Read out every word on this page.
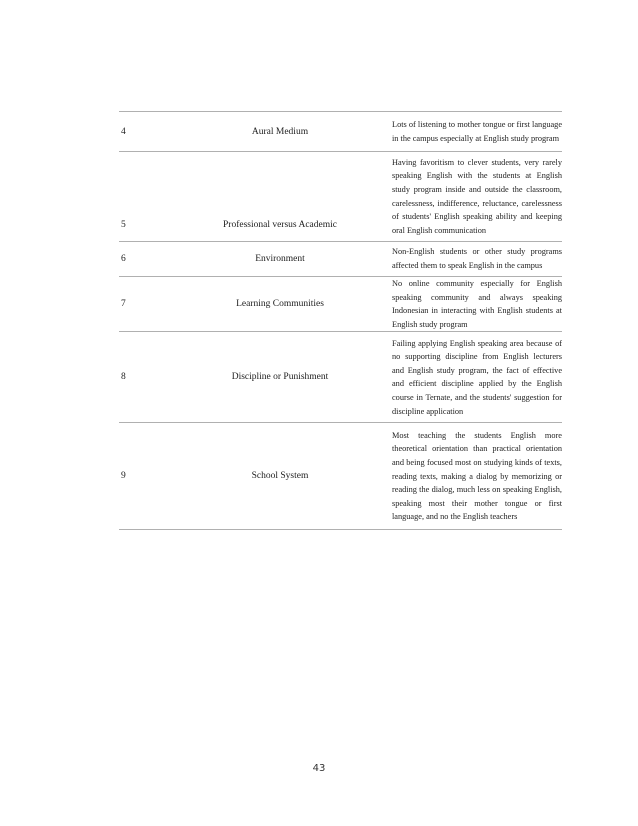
4	Aural Medium	Lots of listening to mother tongue or first language in the campus especially at English study program
5	Professional versus Academic	Having favoritism to clever students, very rarely speaking English with the students at English study program inside and outside the classroom, carelessness, indifference, reluctance, carelessness of students' English speaking ability and keeping oral English communication
6	Environment	Non-English students or other study programs affected them to speak English in the campus
7	Learning Communities	No online community especially for English speaking community and always speaking Indonesian in interacting with English students at English study program
8	Discipline or Punishment	Failing applying English speaking area because of no supporting discipline from English lecturers and English study program, the fact of effective and efficient discipline applied by the English course in Ternate, and the students' suggestion for discipline application
9	School System	Most teaching the students English more theoretical orientation than practical orientation and being focused most on studying kinds of texts, reading texts, making a dialog by memorizing or reading the dialog, much less on speaking English, speaking most their mother tongue or first language, and no the English teachers
43
